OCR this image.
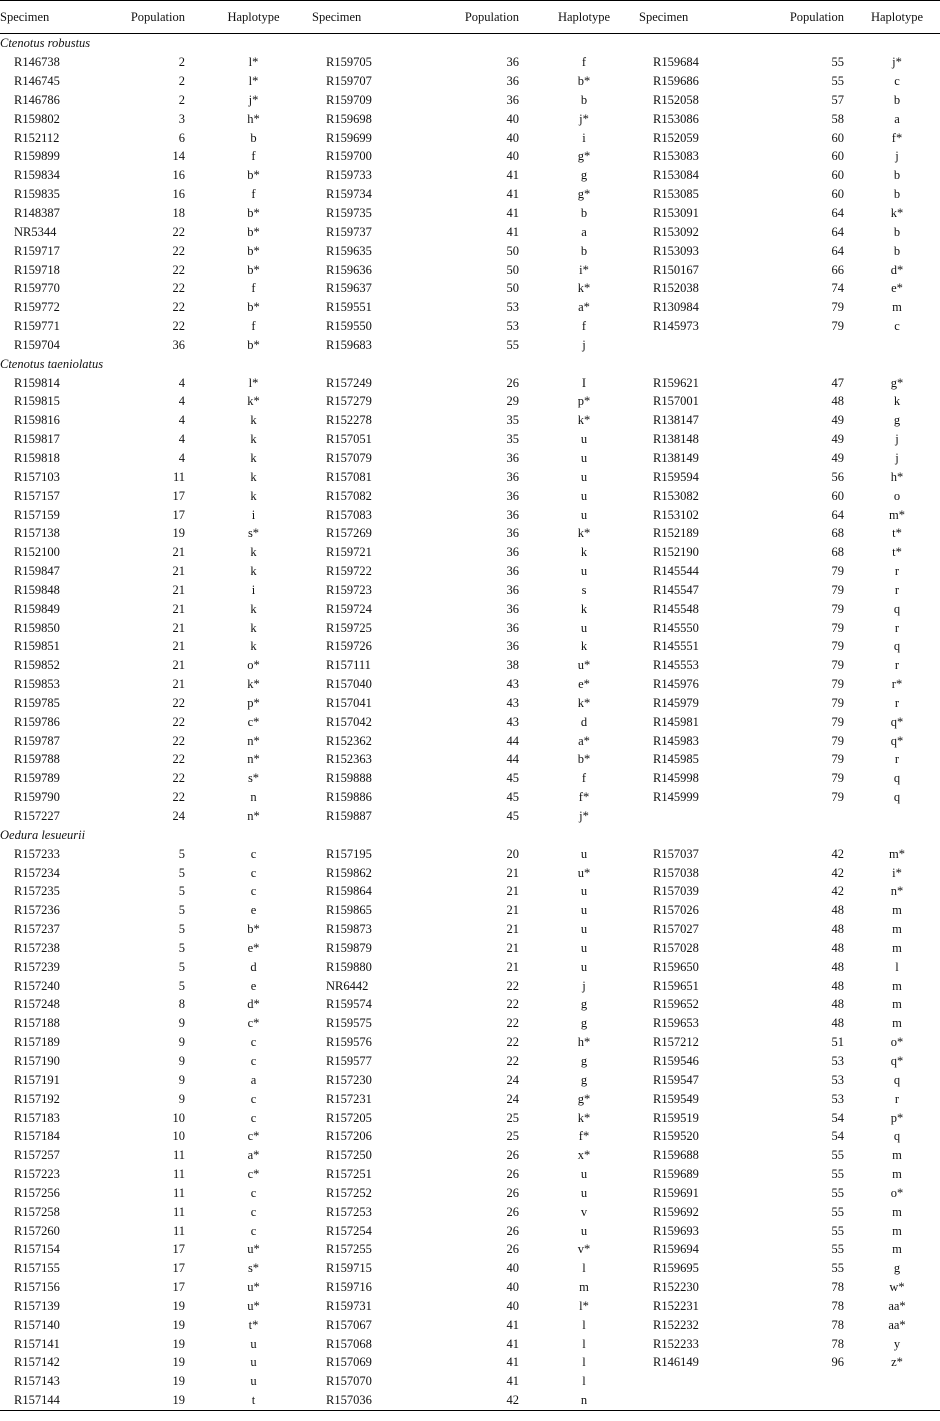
Specimen	Population	Haplotype	Specimen	Population	Haplotype	Specimen	Population	Haplotype
Ctenotus robustus								
R146738	2	l*	R159705	36	f	R159684	55	j*
R146745	2	l*	R159707	36	b*	R159686	55	c
R146786	2	j*	R159709	36	b	R152058	57	b
R159802	3	h*	R159698	40	j*	R153086	58	a
R152112	6	b	R159699	40	i	R152059	60	f*
R159899	14	f	R159700	40	g*	R153083	60	j
R159834	16	b*	R159733	41	g	R153084	60	b
R159835	16	f	R159734	41	g*	R153085	60	b
R148387	18	b*	R159735	41	b	R153091	64	k*
NR5344	22	b*	R159737	41	a	R153092	64	b
R159717	22	b*	R159635	50	b	R153093	64	b
R159718	22	b*	R159636	50	i*	R150167	66	d*
R159770	22	f	R159637	50	k*	R152038	74	e*
R159772	22	b*	R159551	53	a*	R130984	79	m
R159771	22	f	R159550	53	f	R145973	79	c
R159704	36	b*	R159683	55	j			
Ctenotus taeniolatus								
R159814	4	l*	R157249	26	I	R159621	47	g*
R159815	4	k*	R157279	29	p*	R157001	48	k
R159816	4	k	R152278	35	k*	R138147	49	g
R159817	4	k	R157051	35	u	R138148	49	j
R159818	4	k	R157079	36	u	R138149	49	j
R157103	11	k	R157081	36	u	R159594	56	h*
R157157	17	k	R157082	36	u	R153082	60	o
R157159	17	i	R157083	36	u	R153102	64	m*
R157138	19	s*	R157269	36	k*	R152189	68	t*
R152100	21	k	R159721	36	k	R152190	68	t*
R159847	21	k	R159722	36	u	R145544	79	r
R159848	21	i	R159723	36	s	R145547	79	r
R159849	21	k	R159724	36	k	R145548	79	q
R159850	21	k	R159725	36	u	R145550	79	r
R159851	21	k	R159726	36	k	R145551	79	q
R159852	21	o*	R157111	38	u*	R145553	79	r
R159853	21	k*	R157040	43	e*	R145976	79	r*
R159785	22	p*	R157041	43	k*	R145979	79	r
R159786	22	c*	R157042	43	d	R145981	79	q*
R159787	22	n*	R152362	44	a*	R145983	79	q*
R159788	22	n*	R152363	44	b*	R145985	79	r
R159789	22	s*	R159888	45	f	R145998	79	q
R159790	22	n	R159886	45	f*	R145999	79	q
R157227	24	n*	R159887	45	j*			
Oedura lesueurii								
R157233	5	c	R157195	20	u	R157037	42	m*
R157234	5	c	R159862	21	u*	R157038	42	i*
R157235	5	c	R159864	21	u	R157039	42	n*
R157236	5	e	R159865	21	u	R157026	48	m
R157237	5	b*	R159873	21	u	R157027	48	m
R157238	5	e*	R159879	21	u	R157028	48	m
R157239	5	d	R159880	21	u	R159650	48	l
R157240	5	e	NR6442	22	j	R159651	48	m
R157248	8	d*	R159574	22	g	R159652	48	m
R157188	9	c*	R159575	22	g	R159653	48	m
R157189	9	c	R159576	22	h*	R157212	51	o*
R157190	9	c	R159577	22	g	R159546	53	q*
R157191	9	a	R157230	24	g	R159547	53	q
R157192	9	c	R157231	24	g*	R159549	53	r
R157183	10	c	R157205	25	k*	R159519	54	p*
R157184	10	c*	R157206	25	f*	R159520	54	q
R157257	11	a*	R157250	26	x*	R159688	55	m
R157223	11	c*	R157251	26	u	R159689	55	m
R157256	11	c	R157252	26	u	R159691	55	o*
R157258	11	c	R157253	26	v	R159692	55	m
R157260	11	c	R157254	26	u	R159693	55	m
R157154	17	u*	R157255	26	v*	R159694	55	m
R157155	17	s*	R159715	40	l	R159695	55	g
R157156	17	u*	R159716	40	m	R152230	78	w*
R157139	19	u*	R159731	40	l*	R152231	78	aa*
R157140	19	t*	R157067	41	l	R152232	78	aa*
R157141	19	u	R157068	41	l	R152233	78	y
R157142	19	u	R157069	41	l	R146149	96	z*
R157143	19	u	R157070	41	l			
R157144	19	t	R157036	42	n			
